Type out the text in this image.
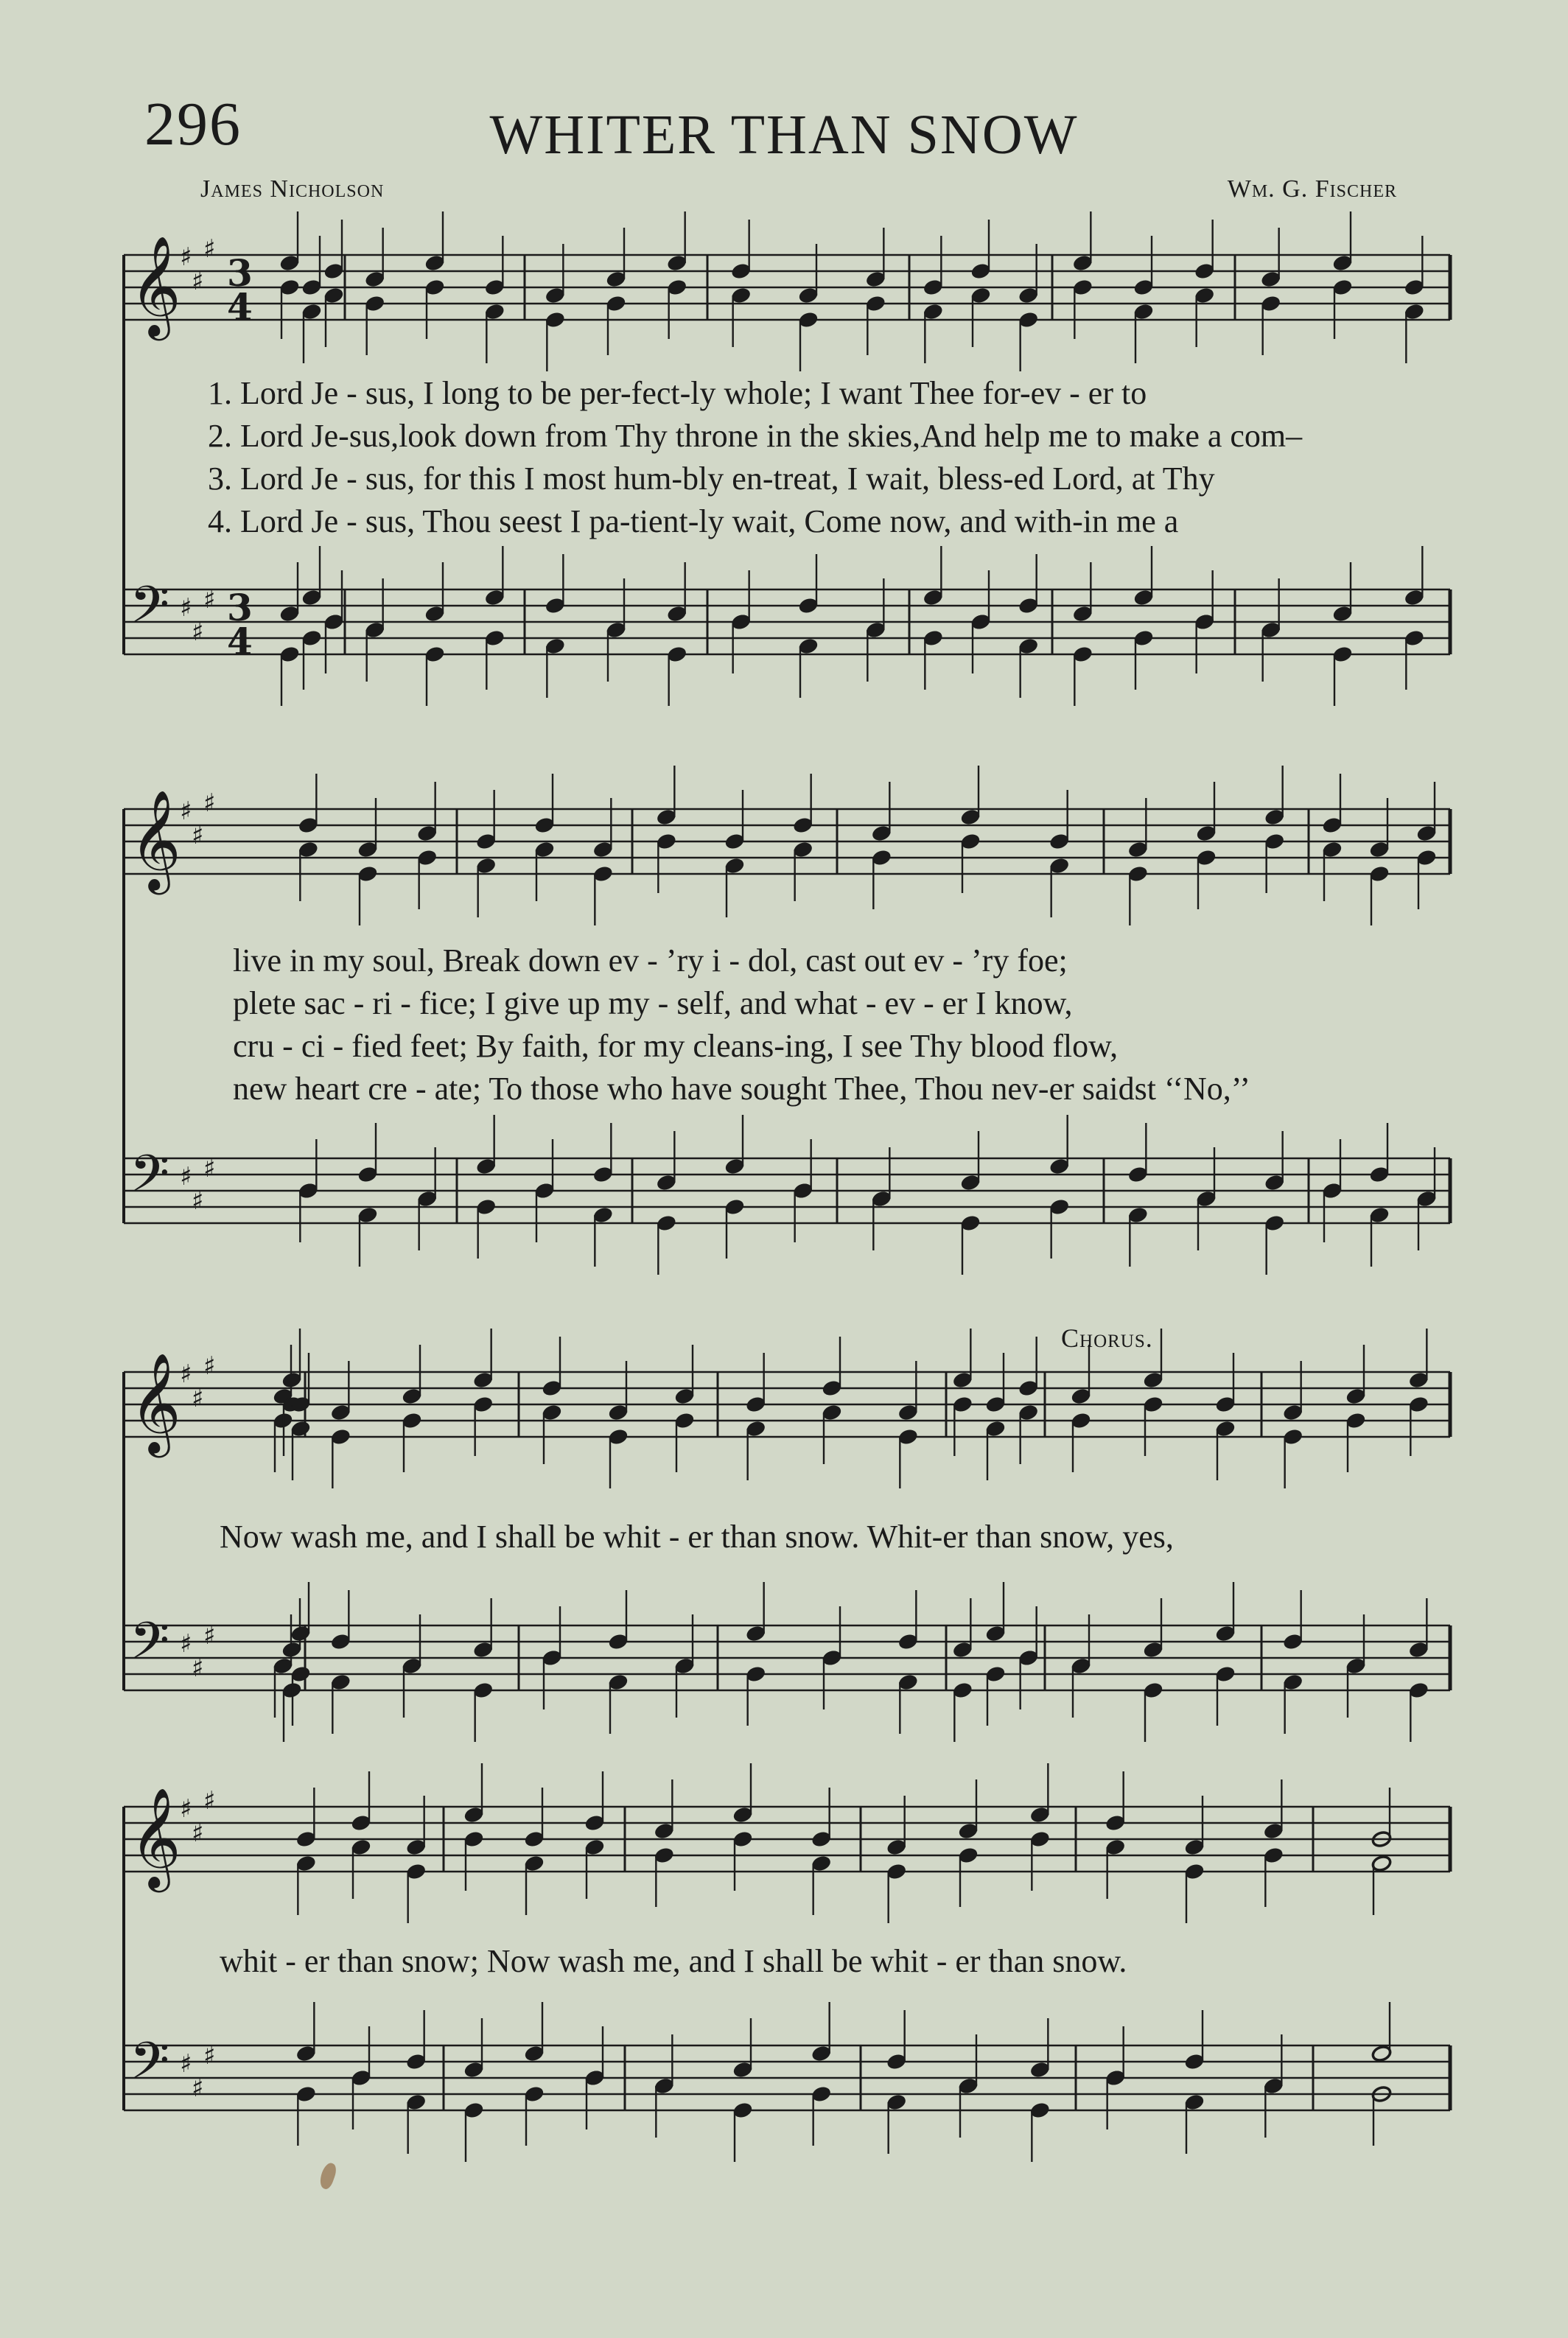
296	WHITER THAN SNOW
James Nicholson	Wm. G. Fischer
𝄞
𝄢
♯
♯
♯
♯
♯
♯
3
4
3
4
𝄞
𝄢
♯
♯
♯
♯
♯
♯
𝄞
𝄢
♯
♯
♯
♯
♯
♯
𝄞
𝄢
♯
♯
♯
♯
♯
♯
1. Lord Je - sus, I long to be per-fect-ly whole; I want Thee for-ev - er to
2. Lord Je-sus,look down from Thy throne in the skies,And help me to make a com–
3. Lord Je - sus, for this I most hum-bly en-treat, I wait, bless-ed Lord, at Thy
4. Lord Je - sus, Thou seest I pa-tient-ly wait, Come now, and with-in me a
live in my soul, Break down ev - ’ry i - dol, cast out ev - ’ry foe;
plete sac - ri - fice; I give up my - self, and what - ev - er I know,
cru - ci - fied feet; By faith, for my cleans-ing, I see Thy blood flow,
new heart cre - ate; To those who have sought Thee, Thou nev-er saidst ‘‘No,’’
Chorus.
Now wash me, and I shall be whit - er than snow. Whit-er than snow, yes,
whit - er than snow; Now wash me, and I shall be whit - er than snow.
